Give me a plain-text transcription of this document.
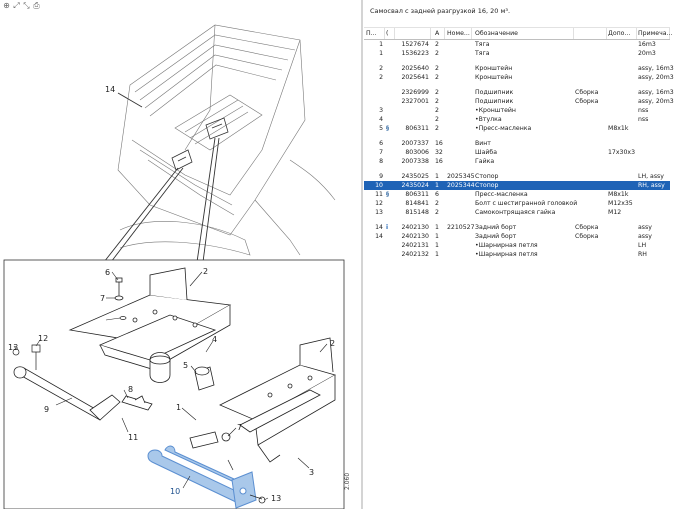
⊕ ⤢ ⤡ ⎙
14
6	2
7
13
12
5
4
8
9
11
1
7
2
3
10
13
2.060
Самосвал с задней разгрузкой 16, 20 м³.
П...	(	A	Номе... Обозначение	Допо...	Примеча...
1	1527674 2	Тяга	16m3
1	1536223 2	Тяга	20m3
2	2025640 2	Кронштейн	assy, 16m3
2	2025641 2	Кронштейн	assy, 20m3
2326999 2	Подшипник	Сборка	assy, 16m3
2327001 2	Подшипник	Сборка	assy, 20m3
3	2	•Кронштейн	nss
4	2	•Втулка	nss
5 §	806311 2	•Пресс-масленка	M8x1k
6	2007337 16	Винт
7	803006 32	Шайба	17x30x3
8	2007338 16	Гайка
9	2435025 1	2025345 Стопор	LH, assy
10	2435024 1	2025344 Стопор	RH, assy
11 §	806311 6	Пресс-масленка	M8x1k
12	814841 2	Болт с шестигранной головкой	M12x35
13	815148 2	Самоконтрящаяся гайка	M12
14 i	2402130 1	2210527 Задний борт	Сборка	assy
14	2402130 1	Задний борт	Сборка	assy
2402131 1	•Шарнирная петля	LH
2402132 1	•Шарнирная петля	RH
